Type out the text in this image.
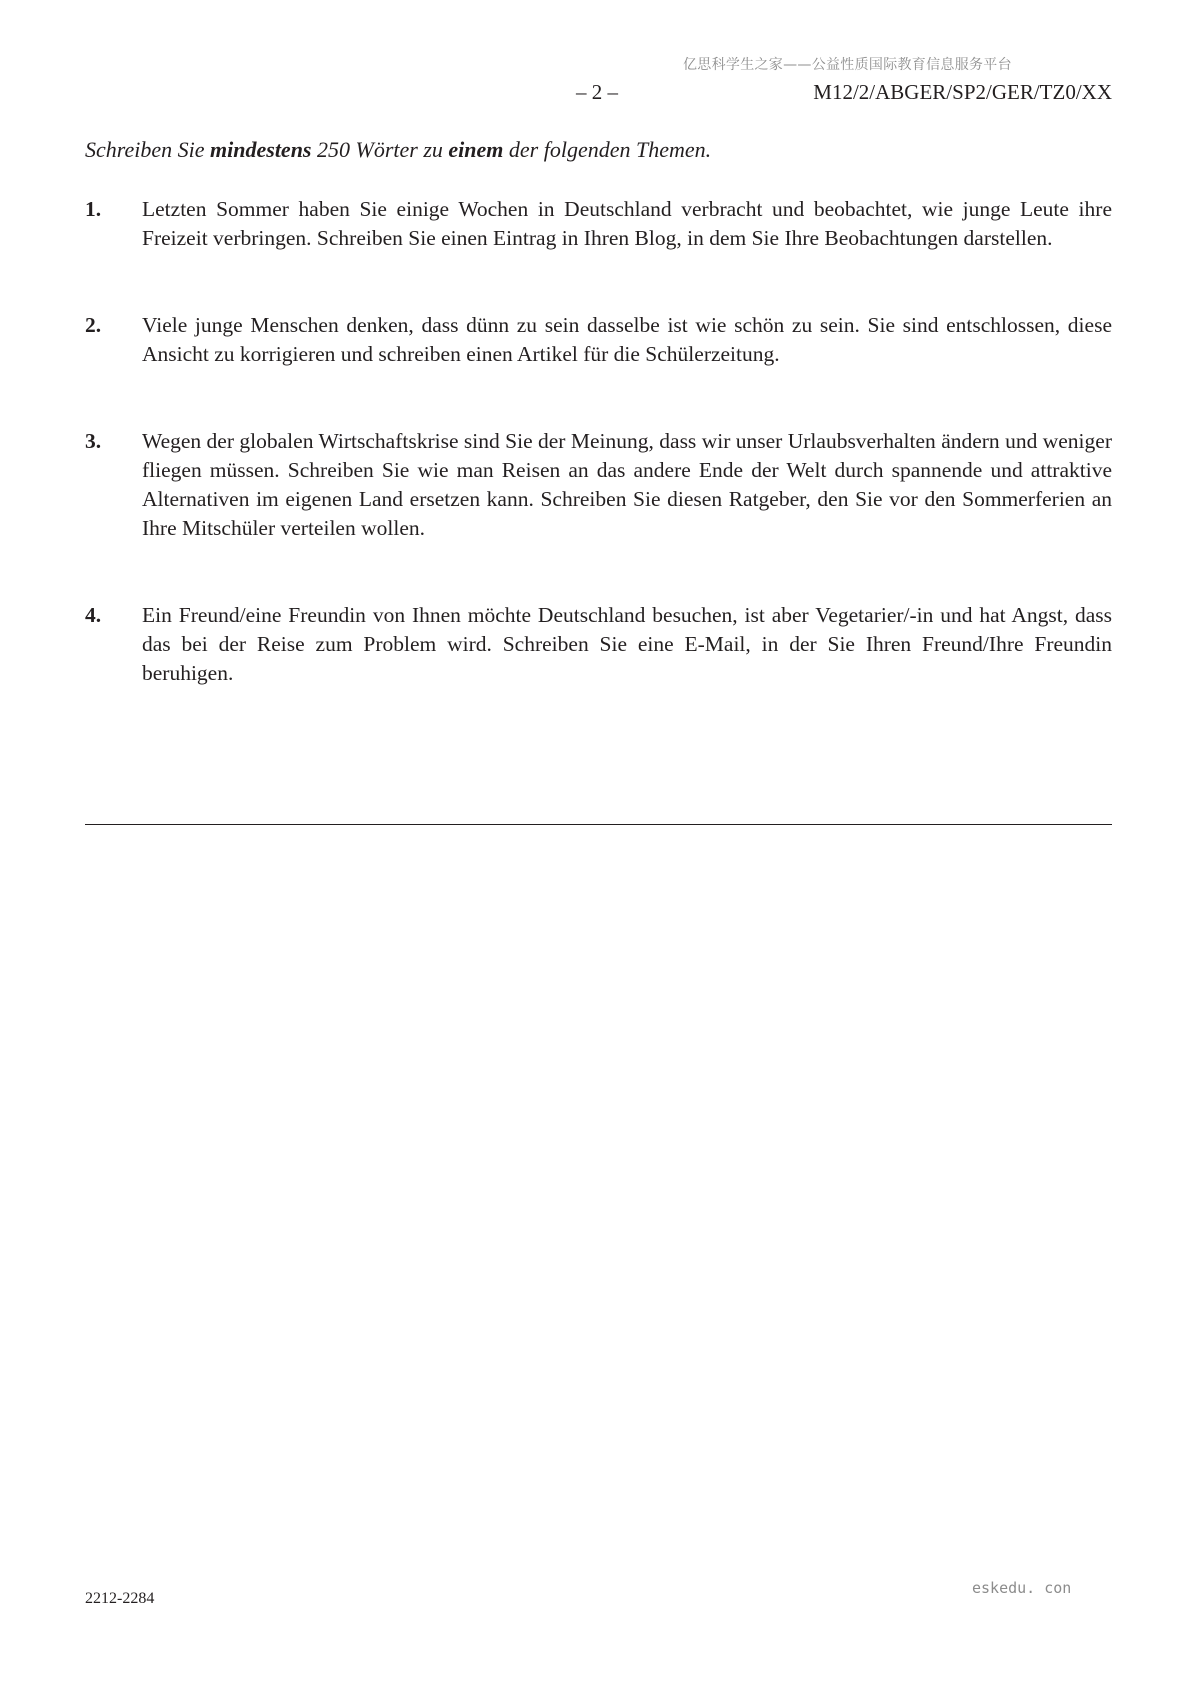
亿思科学生之家——公益性质国际教育信息服务平台
– 2 –	M12/2/ABGER/SP2/GER/TZ0/XX
Schreiben Sie mindestens 250 Wörter zu einem der folgenden Themen.
1. Letzten Sommer haben Sie einige Wochen in Deutschland verbracht und beobachtet, wie junge Leute ihre Freizeit verbringen. Schreiben Sie einen Eintrag in Ihren Blog, in dem Sie Ihre Beobachtungen darstellen.
2. Viele junge Menschen denken, dass dünn zu sein dasselbe ist wie schön zu sein. Sie sind entschlossen, diese Ansicht zu korrigieren und schreiben einen Artikel für die Schülerzeitung.
3. Wegen der globalen Wirtschaftskrise sind Sie der Meinung, dass wir unser Urlaubsverhalten ändern und weniger fliegen müssen. Schreiben Sie wie man Reisen an das andere Ende der Welt durch spannende und attraktive Alternativen im eigenen Land ersetzen kann. Schreiben Sie diesen Ratgeber, den Sie vor den Sommerferien an Ihre Mitschüler verteilen wollen.
4. Ein Freund/eine Freundin von Ihnen möchte Deutschland besuchen, ist aber Vegetarier/-in und hat Angst, dass das bei der Reise zum Problem wird. Schreiben Sie eine E-Mail, in der Sie Ihren Freund/Ihre Freundin beruhigen.
2212-2284
eskedu. con
